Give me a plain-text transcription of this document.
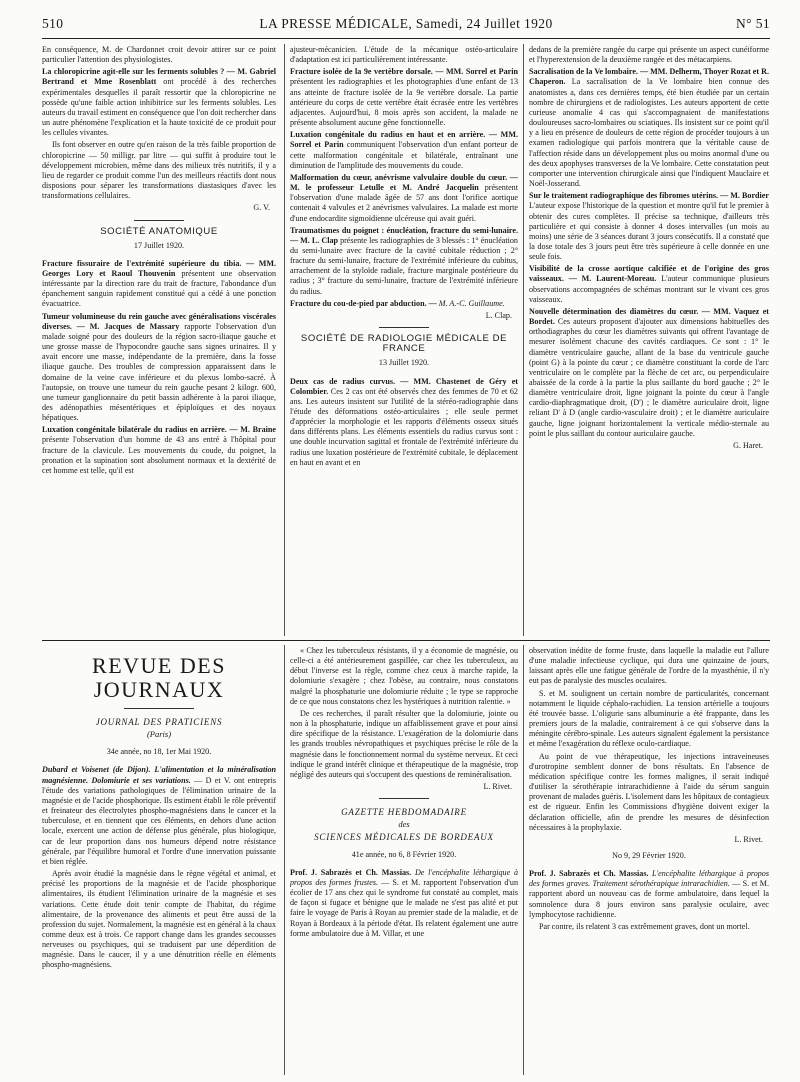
510	LA PRESSE MÉDICALE, Samedi, 24 Juillet 1920	N° 51

En conséquence, M. de Chardonnet croit devoir attirer sur ce point particulier l'attention des physiologistes.

La chloropicrine agit-elle sur les ferments solubles ? — M. Gabriel Bertrand et Mme Rosenblatt ont procédé à des recherches expérimentales desquelles il paraît ressortir que la chloropicrine ne possède qu'une faible action inhibitrice sur les ferments solubles. Les auteurs du travail estiment en conséquence que l'on doit rechercher dans un autre phénomène l'explication et la haute toxicité de ce produit pour les cellules vivantes.

Ils font observer en outre qu'en raison de la très faible proportion de chloropicrine — 50 milligr. par litre — qui suffit à produire tout le développement microbien, même dans des milieux très nutritifs, il y a lieu de regarder ce produit comme l'un des meilleurs réactifs dont nous disposions pour séparer les transformations diastasiques d'avec les transformations cellulaires.

G. V.
SOCIÉTÉ ANATOMIQUE
17 Juillet 1920.

Fracture fissuraire de l'extrémité supérieure du tibia. — MM. Georges Lory et Raoul Thouvenin présentent une observation intéressante par la direction rare du trait de fracture, l'abondance d'un épanchement sanguin rapidement constitué qui a cédé à une ponction évacuatrice.

Tumeur volumineuse du rein gauche avec généralisations viscérales diverses. — M. Jacques de Massary rapporte l'observation d'un malade soigné pour des douleurs de la région sacro-iliaque gauche et une grosse masse de l'hypocondre gauche sans signes urinaires. Il y avait encore une masse, indépendante de la première, dans la fosse iliaque gauche. Des troubles de compression apparaissent dans le domaine de la veine cave inférieure et du plexus lombo-sacré. À l'autopsie, on trouve une tumeur du rein gauche pesant 2 kilogr. 600, une tumeur ganglionnaire du petit bassin adhérente à la paroi iliaque, des adénopathies mésentériques et épiploïques et des noyaux hépatiques.

Luxation congénitale bilatérale du radius en arrière. — M. Braine présente l'observation d'un homme de 43 ans entré à l'hôpital pour fracture de la clavicule. Les mouvements du coude, du poignet, la pronation et la supination sont absolument normaux et la dextérité de cet homme est telle, qu'il est

ajusteur-mécanicien. L'étude de la mécanique ostéo-articulaire d'adaptation est ici particulièrement intéressante.

Fracture isolée de la 9e vertèbre dorsale. — MM. Sorrel et Parin présentent les radiographies et les photographies d'une enfant de 13 ans atteinte de fracture isolée de la 9e vertèbre dorsale. La partie antérieure du corps de cette vertèbre était écrasée entre les vertèbres adjacentes. Aujourd'hui, 8 mois après son accident, la malade ne présente absolument aucune gêne fonctionnelle.

Luxation congénitale du radius en haut et en arrière. — MM. Sorrel et Parin communiquent l'observation d'un enfant porteur de cette malformation congénitale et bilatérale, entraînant une diminution de l'amplitude des mouvements du coude.

Malformation du cœur, anévrisme valvulaire double du cœur. — M. le professeur Letulle et M. André Jacquelin présentent l'observation d'une malade âgée de 57 ans dont l'orifice aortique contenait 4 valvules et 2 anévrismes valvulaires. La malade est morte d'une endocardite sigmoïdienne ulcéreuse qui avait guéri.

Traumatismes du poignet : énucléation, fracture du semi-lunaire. — M. L. Clap présente les radiographies de 3 blessés : 1° énucléation du semi-lunaire avec fracture de la cavité cubitale réduction ; 2° fracture du semi-lunaire, fracture de l'extrémité inférieure du cubitus, arrachement de la styloïde radiale, fracture marginale postérieure du radius ; 3° fracture du semi-lunaire, fracture de l'extrémité inférieure du radius.

Fracture du cou-de-pied par abduction. — M. A.-C. Guillaume.

L. Clap.
SOCIÉTÉ DE RADIOLOGIE MÉDICALE DE FRANCE
13 Juillet 1920.

Deux cas de radius curvus. — MM. Chastenet de Géry et Colombier. Ces 2 cas ont été observés chez des femmes de 70 et 62 ans. Les auteurs insistent sur l'utilité de la stéréo-radiographie dans l'étude des déformations ostéo-articulaires ; elle seule permet d'apprécier la morphologie et les rapports d'éléments osseux situés dans différents plans. Les éléments essentiels du radius curvus sont : une double incurvation sagittal et frontale de l'extrémité inférieure du radius une luxation postérieure de l'extrémité cubitale, le déplacement en haut en avant et en

dedans de la première rangée du carpe qui présente un aspect cunéiforme et l'hyperextension de la deuxième rangée et des métacarpiens.

Sacralisation de la Ve lombaire. — MM. Delherm, Thoyer Rozat et R. Chaperon. La sacralisation de la Ve lombaire bien connue des anatomistes a, dans ces dernières temps, été bien étudiée par un certain nombre de chirurgiens et de radiologistes. Les auteurs apportent de cette curieuse anomalie 4 cas qui s'accompagnaient de manifestations douloureuses sacro-lombaires ou sciatiques. Ils insistent sur ce point qu'il y a lieu en présence de douleurs de cette région de procéder toujours à un examen radiologique qui parfois montrera que la véritable cause de l'affection réside dans un développement plus ou moins anormal d'une ou des deux apophyses transverses de la Ve lombaire. Cette constatation peut comporter une intervention chirurgicale ainsi que l'indiquent Mauclaire et Noël-Josserand.

Sur le traitement radiographique des fibromes utérins. — M. Bordier L'auteur expose l'historique de la question et montre qu'il fut le premier à obtenir des cures complètes. Il précise sa technique, d'ailleurs très particulière et qui consiste à donner 4 doses intervalles (un mois au moins) une série de 3 séances durant 3 jours consécutifs. Il a constaté que la dose totale des 3 jours peut être très supérieure à celle donnée en une seule fois.

Visibilité de la crosse aortique calcifiée et de l'origine des gros vaisseaux. — M. Laurent-Moreau. L'auteur communique plusieurs observations accompagnées de schémas montrant sur le vivant ces gros vaisseaux.

Nouvelle détermination des diamètres du cœur. — MM. Vaquez et Bordet. Ces auteurs proposent d'ajouter aux dimensions habituelles des orthodiagraphes du cœur les diamètres suivants qui offrent l'avantage de mesurer isolément chacune des cavités cardiaques. Ce sont : 1° le diamètre ventriculaire gauche, allant de la base du ventricule gauche (point G) à la pointe du cœur ; ce diamètre constituant la corde de l'arc ventriculaire on le complète par la flèche de cet arc, ou perpendiculaire abaissée de la corde à la partie la plus saillante du bord gauche ; 2° le diamètre ventriculaire droit, ligne joignant la pointe du cœur à l'angle cardio-diaphragmatique droit, (D') ; le diamètre auriculaire droit, ligne reliant D' à D (angle cardio-vasculaire droit) ; et le diamètre auriculaire gauche, ligne joignant horizontalement la verticale médio-sternale au point le plus saillant du contour auriculaire gauche.

G. Haret.
REVUE DES JOURNAUX
JOURNAL DES PRATICIENS
(Paris)
34e année, no 18, 1er Mai 1920.

Dubard et Voisenet (de Dijon). L'alimentation et la minéralisation magnésienne. Dolomiurie et ses variations. — D et V. ont entrepris l'étude des variations pathologiques de l'élimination urinaire de la magnésie et de l'acide phosphorique. Ils estiment établi le rôle préventif et freinateur des électrolytes phospho-magnésiens dans le cancer et la tuberculose, et en tiennent que ces éléments, en dehors d'une action locale, exercent une action de défense plus générale, plus biologique, car de leur proportion dans nos humeurs dépend notre résistance générale, par l'équilibre humoral et l'ordre d'une innervation puissante et bien réglée.

Après avoir étudié la magnésie dans le règne végétal et animal, et précisé les proportions de la magnésie et de l'acide phosphorique alimentaires, ils étudient l'élimination urinaire de la magnésie et ses variations. Cette étude doit tenir compte de l'habitat, du régime alimentaire, de la provenance des aliments et peut être aussi de la profession du sujet. Normalement, la magnésie est en général à la chaux comme deux est à trois. Ce rapport change dans les grandes secousses nerveuses ou psychiques, qui se traduisent par une déperdition de magnésie. Dans le caucer, il y a une dénutrition réelle en éléments phospho-magnésiens.

« Chez les tuberculeux résistants, il y a économie de magnésie, ou celle-ci a été antérieurement gaspillée, car chez les tuberculeux, au début l'inverse est la règle, comme chez ceux à marche rapide, la dolomiurie s'exagère ; chez l'obèse, au contraire, nous constatons malgré la phosphaturie une dolomiurie réduite ; le type se rapproche de ce que nous constatons chez les hystériques à nutrition ralentie. »

De ces recherches, il paraît résulter que la dolomiurie, jointe ou non à la phosphaturie, indique un affaiblissement grave et pour ainsi dire spécifique de la résistance. L'exagération de la dolomiurie dans les grands troubles névropathiques et psychiques précise le rôle de la magnésie dans le fonctionnement normal du système nerveux. Et ceci indique le grand intérêt clinique et thérapeutique de la magnésie, trop négligé des auteurs qui s'occupent des questions de reminéralisation.

L. Rivet.
GAZETTE HEBDOMADAIRE
des
SCIENCES MÉDICALES DE BORDEAUX
41e année, no 6, 8 Février 1920.

Prof. J. Sabrazès et Ch. Massias. De l'encéphalite léthargique à propos des formes frustes. — S. et M. rapportent l'observation d'un écolier de 17 ans chez qui le syndrome fut constaté au complet, mais de façon si fugace et bénigne que le malade ne s'est pas alité et put faire le voyage de Paris à Royan au premier stade de la maladie, et de Royan à Bordeaux à la période d'état. Ils relatent également une autre forme ambulatoire due à M. Villar, et une

observation inédite de forme fruste, dans laquelle la maladie eut l'allure d'une maladie infectieuse cyclique, qui dura une quinzaine de jours, laissant après elle une fatigue générale de l'ordre de la myasthénie, il n'y eut pas de paralysie des muscles oculaires.

S. et M. soulignent un certain nombre de particularités, concernant notamment le liquide céphalo-rachidien. La tension artérielle a toujours été trouvée basse. L'oligurie sans albuminurie a été frappante, dans les premiers jours de la maladie, contrairement à ce qui s'observe dans la méningite cérébro-spinale. Les auteurs signalent également la persistance et même l'exagération du réflexe oculo-cardiaque.

Au point de vue thérapeutique, les injections intraveineuses d'urotropine semblent donner de bons résultats. En l'absence de médication spécifique contre les formes malignes, il serait indiqué d'utiliser la sérothérapie intrarachidienne à l'aide du sérum sanguin provenant de malades guéris. L'isolement dans les hôpitaux de contagieux est de rigueur. Enfin les Commissions d'hygiène doivent exiger la déclaration officielle, afin de prendre les mesures de désinfection nécessaires à la prophylaxie.

L. Rivet.
No 9, 29 Février 1920.

Prof. J. Sabrazès et Ch. Massias. L'encéphalite léthargique à propos des formes graves. Traitement sérothérapique intrarachidien. — S. et M. rapportent abord un nouveau cas de forme ambulatoire, dans lequel la somnolence dura 8 jours environ sans paralysie oculaire, avec lymphocytose rachidienne.

Par contre, ils relatent 3 cas extrêmement graves, dont un mortel.
